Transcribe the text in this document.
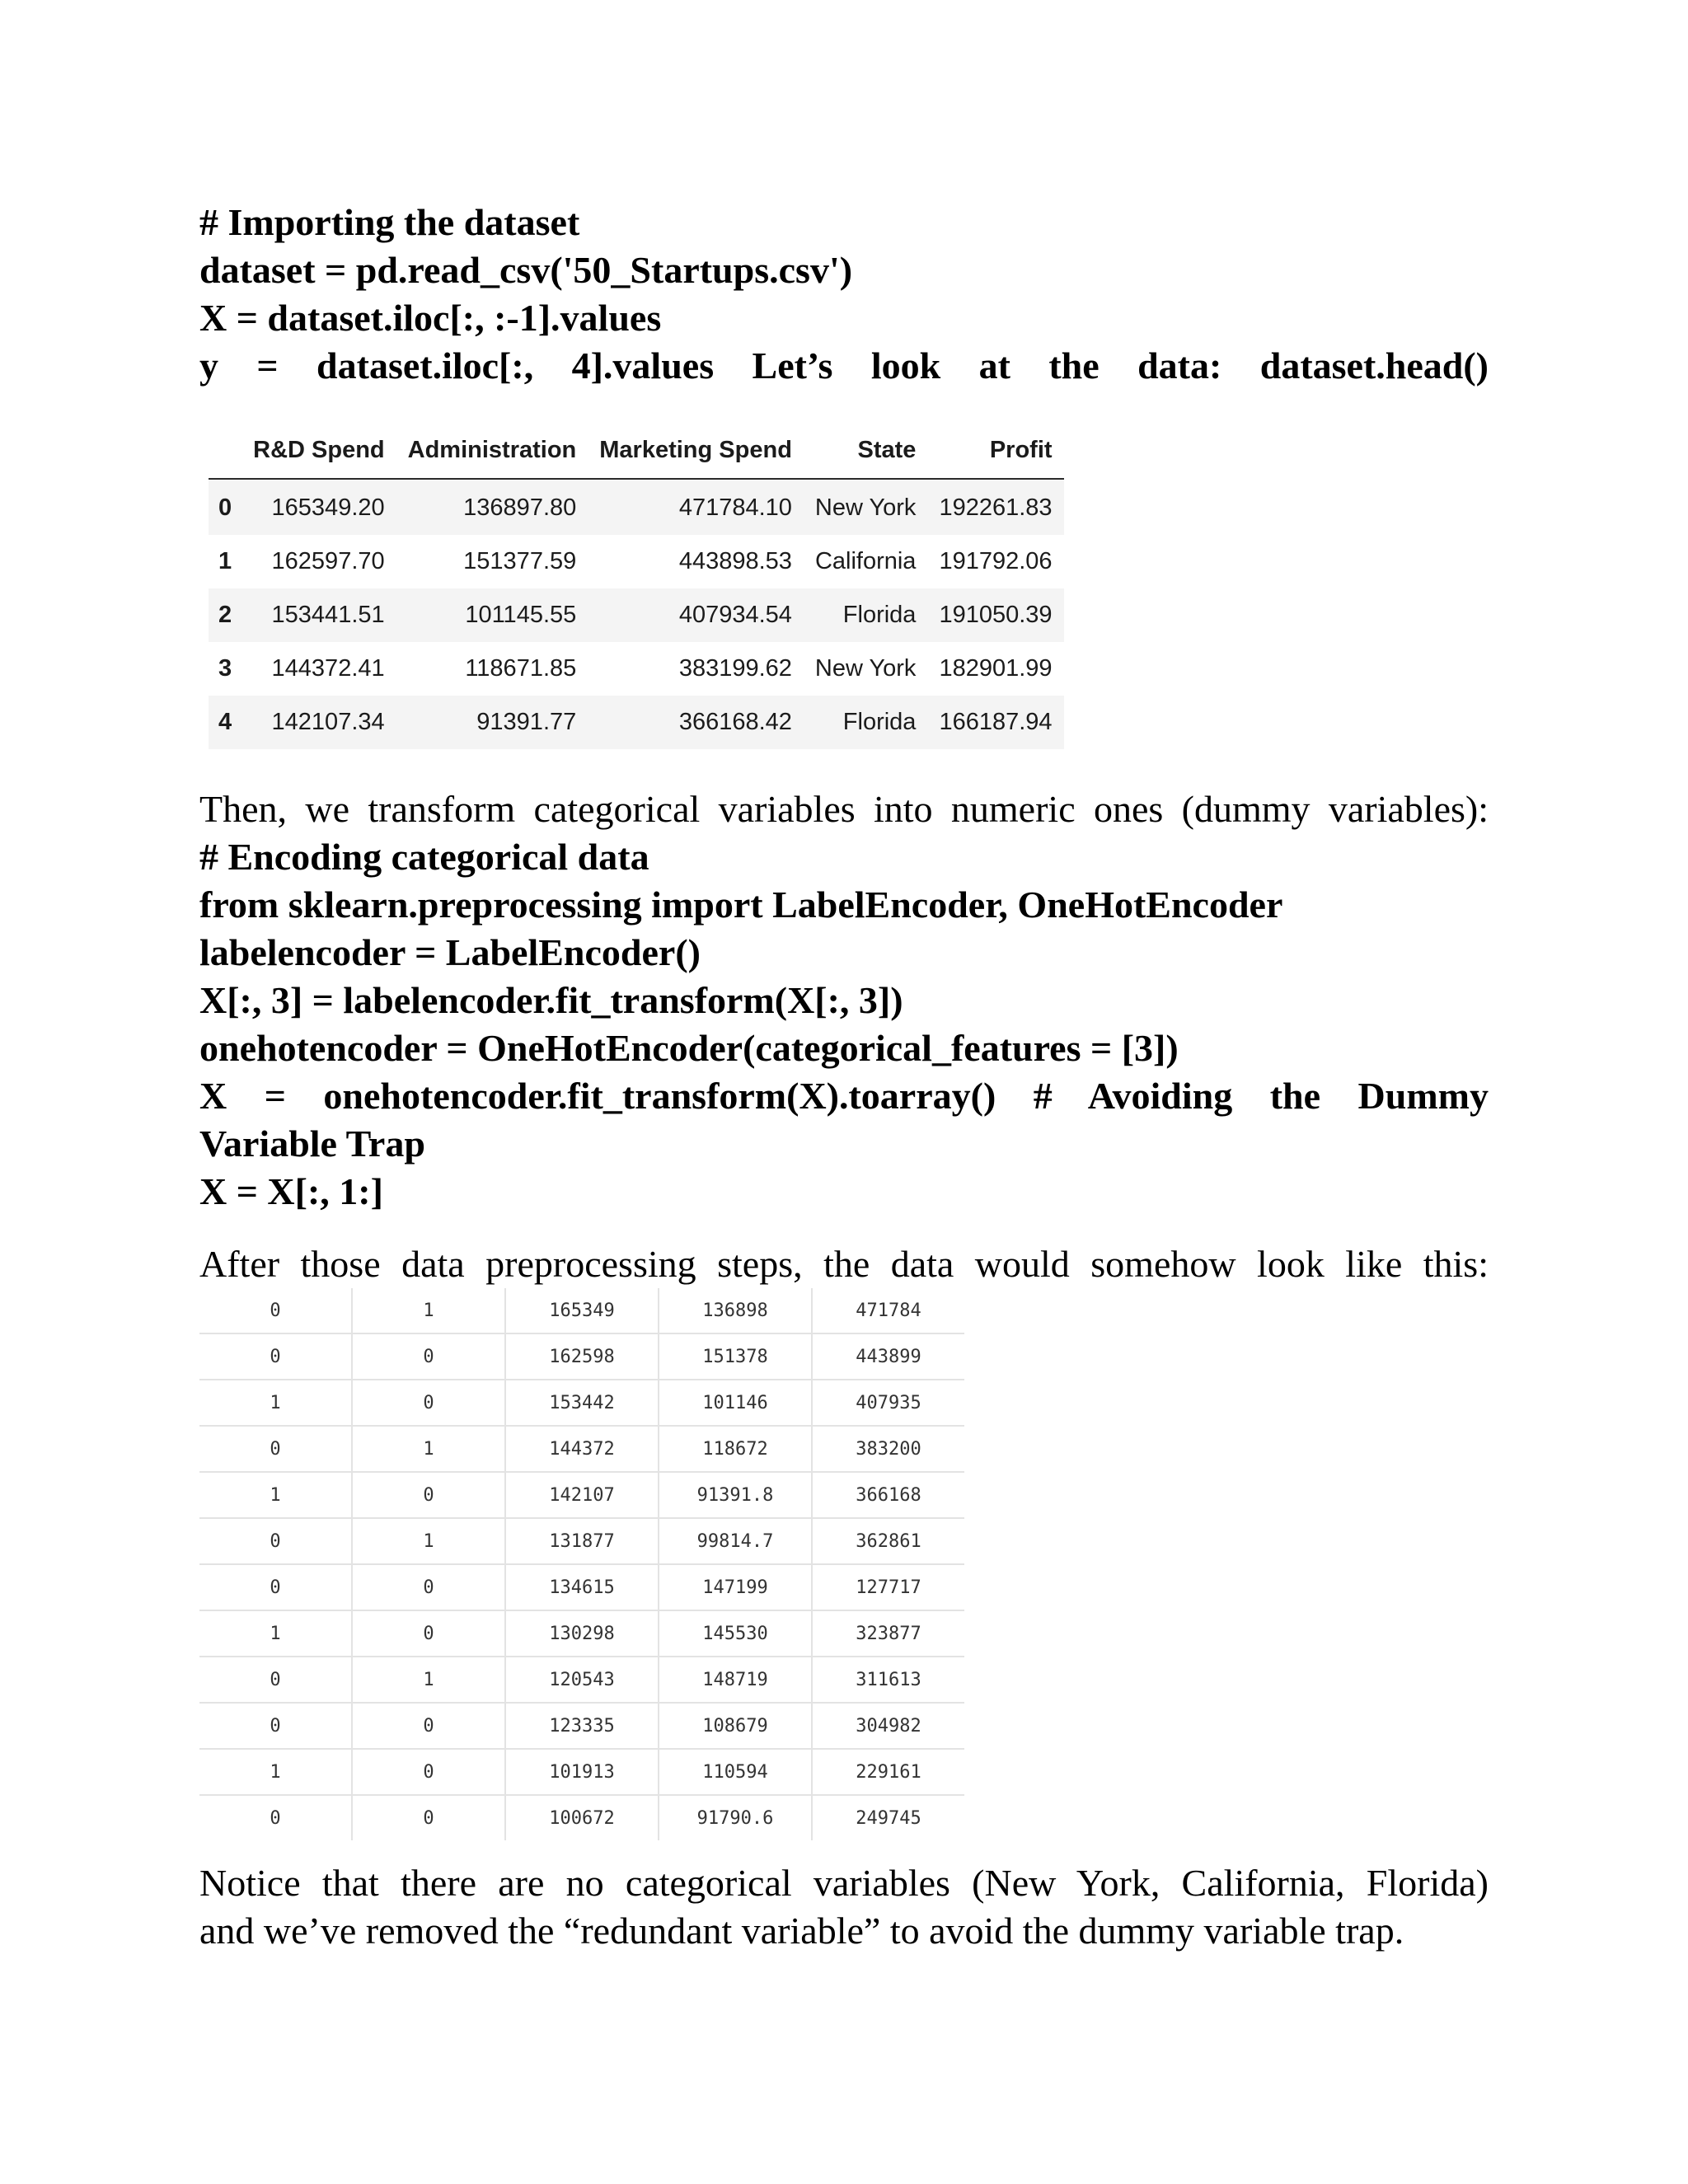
# Importing the dataset

dataset = pd.read_csv('50_Startups.csv')

X = dataset.iloc[:, :-1].values

y = dataset.iloc[:, 4].values Let’s look at the data: dataset.head()

	R&D Spend	Administration	Marketing Spend	State	Profit
0	165349.20	136897.80	471784.10	New York	192261.83
1	162597.70	151377.59	443898.53	California	191792.06
2	153441.51	101145.55	407934.54	Florida	191050.39
3	144372.41	118671.85	383199.62	New York	182901.99
4	142107.34	91391.77	366168.42	Florida	166187.94

Then, we transform categorical variables into numeric ones (dummy variables):

# Encoding categorical data

from sklearn.preprocessing import LabelEncoder, OneHotEncoder

labelencoder = LabelEncoder()

X[:, 3] = labelencoder.fit_transform(X[:, 3])

onehotencoder = OneHotEncoder(categorical_features = [3])

X = onehotencoder.fit_transform(X).toarray() # Avoiding the Dummy

Variable Trap

X = X[:, 1:]

After those data preprocessing steps, the data would somehow look like this:

0	1	165349	136898	471784
0	0	162598	151378	443899
1	0	153442	101146	407935
0	1	144372	118672	383200
1	0	142107	91391.8	366168
0	1	131877	99814.7	362861
0	0	134615	147199	127717
1	0	130298	145530	323877
0	1	120543	148719	311613
0	0	123335	108679	304982
1	0	101913	110594	229161
0	0	100672	91790.6	249745

Notice that there are no categorical variables (New York, California, Florida)

and we’ve removed the “redundant variable” to avoid the dummy variable trap.
